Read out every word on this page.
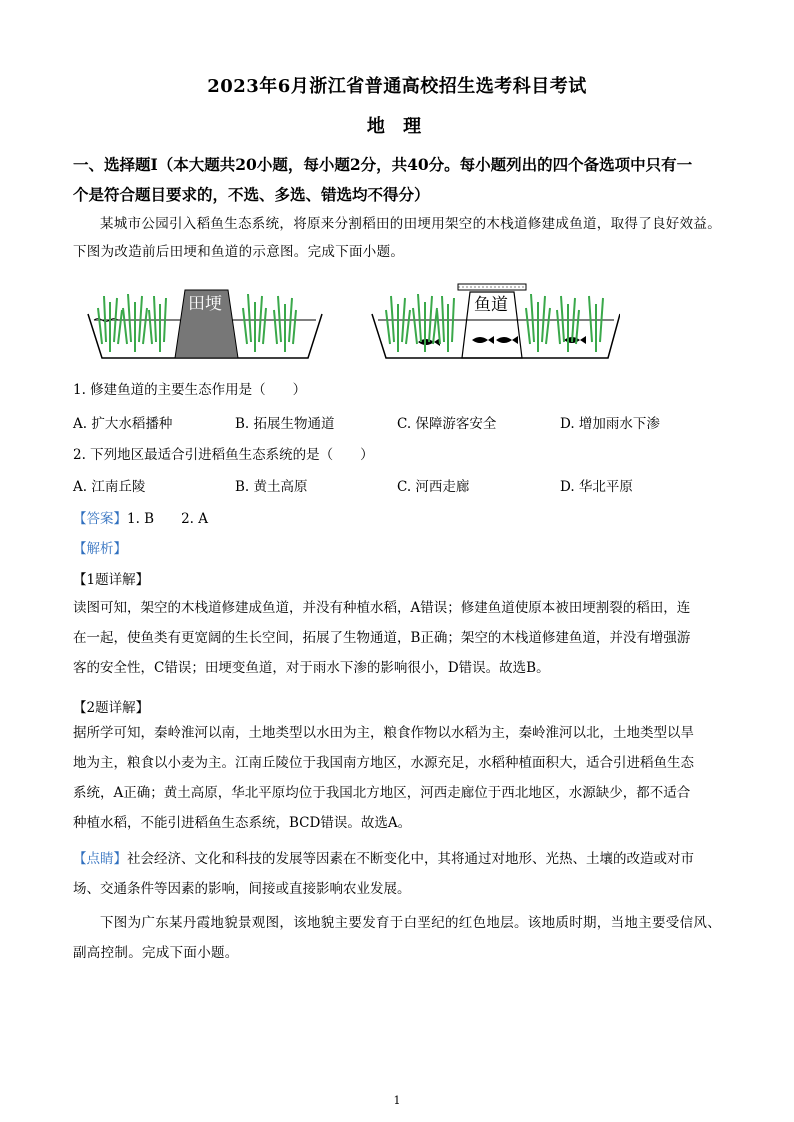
2023年6月浙江省普通高校招生选考科目考试
地 理
一、选择题Ⅰ（本大题共20小题，每小题2分，共40分。每小题列出的四个备选项中只有一
个是符合题目要求的，不选、多选、错选均不得分）
某城市公园引入稻鱼生态系统，将原来分割稻田的田埂用架空的木栈道修建成鱼道，取得了良好效益。
下图为改造前后田埂和鱼道的示意图。完成下面小题。
田埂	鱼道
1. 修建鱼道的主要生态作用是（　　）
A. 扩大水稻播种	B. 拓展生物通道	C. 保障游客安全	D. 增加雨水下渗
2. 下列地区最适合引进稻鱼生态系统的是（　　）
A. 江南丘陵	B. 黄土高原	C. 河西走廊	D. 华北平原
【答案】1. B　　2. A
【解析】
【1题详解】
读图可知，架空的木栈道修建成鱼道，并没有种植水稻，A错误；修建鱼道使原本被田埂割裂的稻田，连
在一起，使鱼类有更宽阔的生长空间，拓展了生物通道，B正确；架空的木栈道修建鱼道，并没有增强游
客的安全性，C错误；田埂变鱼道，对于雨水下渗的影响很小，D错误。故选B。
【2题详解】
据所学可知，秦岭淮河以南，土地类型以水田为主，粮食作物以水稻为主，秦岭淮河以北，土地类型以旱
地为主，粮食以小麦为主。江南丘陵位于我国南方地区，水源充足，水稻种植面积大，适合引进稻鱼生态
系统，A正确；黄土高原，华北平原均位于我国北方地区，河西走廊位于西北地区，水源缺少，都不适合
种植水稻，不能引进稻鱼生态系统，BCD错误。故选A。
【点睛】社会经济、文化和科技的发展等因素在不断变化中，其将通过对地形、光热、土壤的改造或对市
场、交通条件等因素的影响，间接或直接影响农业发展。
下图为广东某丹霞地貌景观图，该地貌主要发育于白垩纪的红色地层。该地质时期，当地主要受信风、
副高控制。完成下面小题。
1
